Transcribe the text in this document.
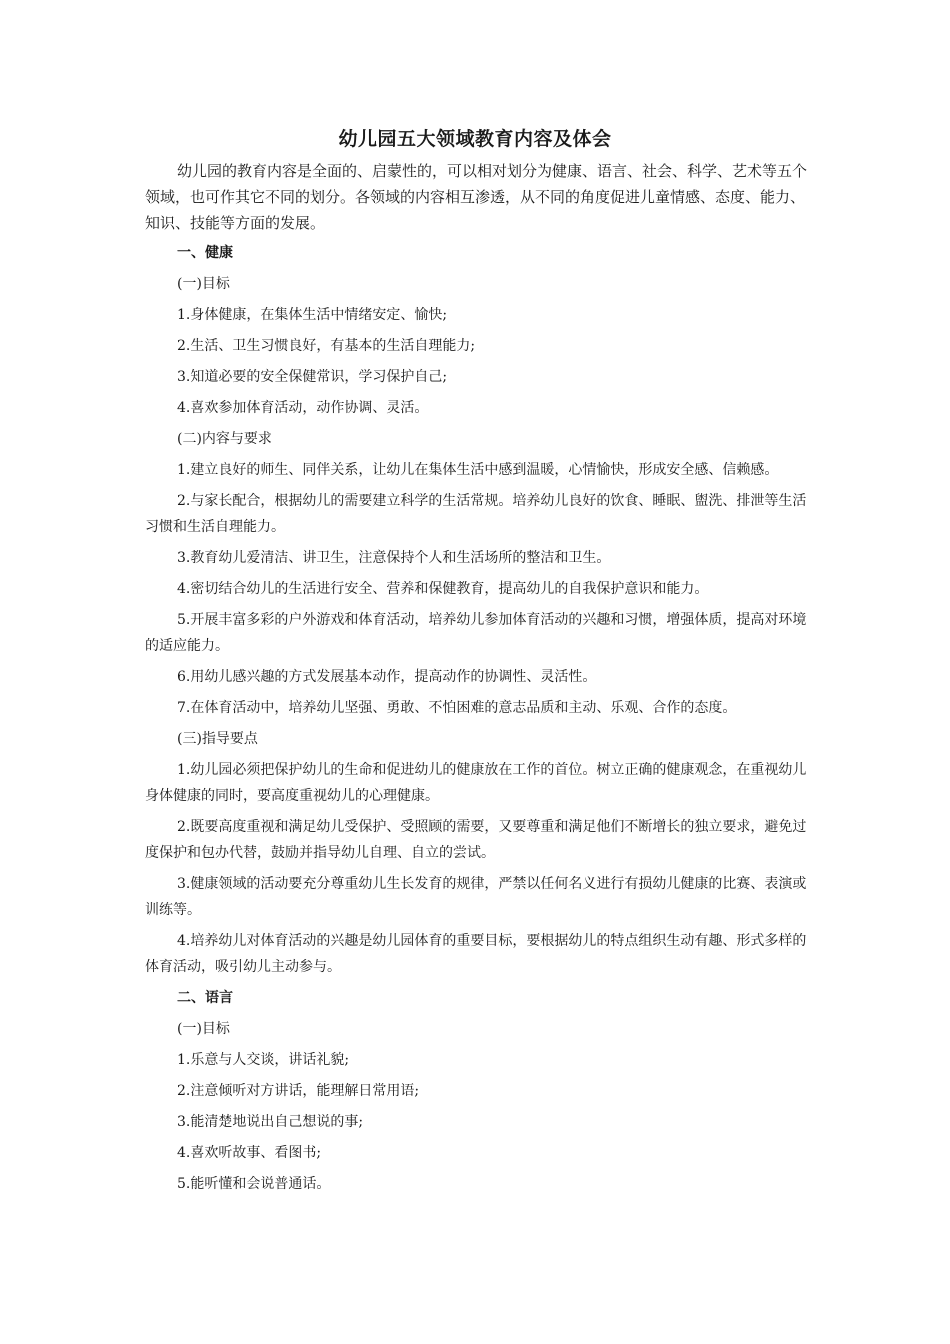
幼儿园五大领域教育内容及体会

幼儿园的教育内容是全面的、启蒙性的，可以相对划分为健康、语言、社会、科学、艺术等五个领域，也可作其它不同的划分。各领域的内容相互渗透，从不同的角度促进儿童情感、态度、能力、知识、技能等方面的发展。

一、健康

(一)目标

1.身体健康，在集体生活中情绪安定、愉快;

2.生活、卫生习惯良好，有基本的生活自理能力;

3.知道必要的安全保健常识，学习保护自己;

4.喜欢参加体育活动，动作协调、灵活。

(二)内容与要求

1.建立良好的师生、同伴关系，让幼儿在集体生活中感到温暖，心情愉快，形成安全感、信赖感。

2.与家长配合，根据幼儿的需要建立科学的生活常规。培养幼儿良好的饮食、睡眠、盥洗、排泄等生活习惯和生活自理能力。

3.教育幼儿爱清洁、讲卫生，注意保持个人和生活场所的整洁和卫生。

4.密切结合幼儿的生活进行安全、营养和保健教育，提高幼儿的自我保护意识和能力。

5.开展丰富多彩的户外游戏和体育活动，培养幼儿参加体育活动的兴趣和习惯，增强体质，提高对环境的适应能力。

6.用幼儿感兴趣的方式发展基本动作，提高动作的协调性、灵活性。

7.在体育活动中，培养幼儿坚强、勇敢、不怕困难的意志品质和主动、乐观、合作的态度。

(三)指导要点

1.幼儿园必须把保护幼儿的生命和促进幼儿的健康放在工作的首位。树立正确的健康观念，在重视幼儿身体健康的同时，要高度重视幼儿的心理健康。

2.既要高度重视和满足幼儿受保护、受照顾的需要，又要尊重和满足他们不断增长的独立要求，避免过度保护和包办代替，鼓励并指导幼儿自理、自立的尝试。

3.健康领域的活动要充分尊重幼儿生长发育的规律，严禁以任何名义进行有损幼儿健康的比赛、表演或训练等。

4.培养幼儿对体育活动的兴趣是幼儿园体育的重要目标，要根据幼儿的特点组织生动有趣、形式多样的体育活动，吸引幼儿主动参与。

二、语言

(一)目标

1.乐意与人交谈，讲话礼貌;

2.注意倾听对方讲话，能理解日常用语;

3.能清楚地说出自己想说的事;

4.喜欢听故事、看图书;

5.能听懂和会说普通话。
